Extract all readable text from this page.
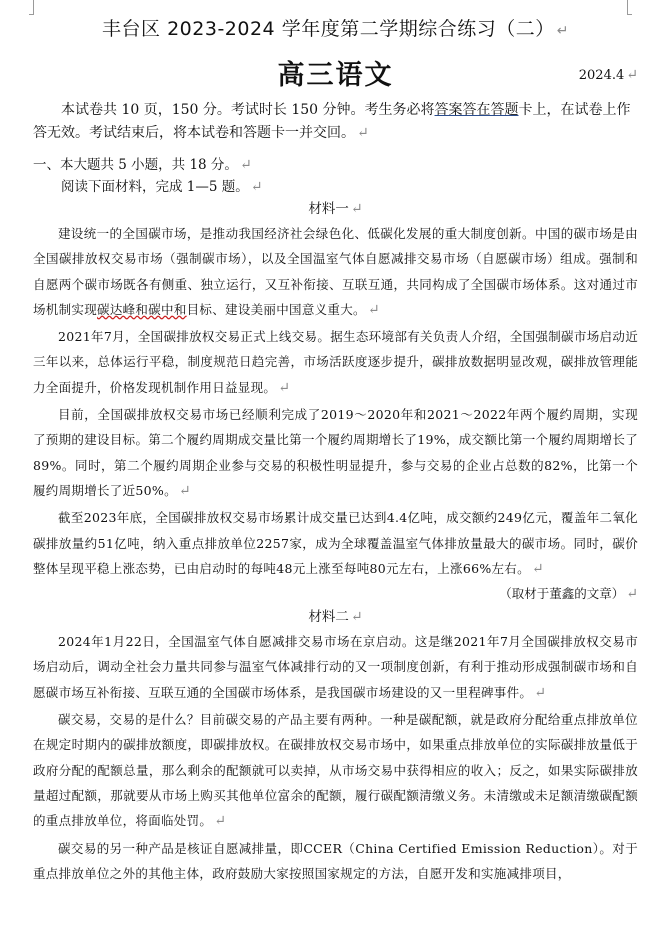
丰台区 2023-2024 学年度第二学期综合练习（二） ↵
高三语文	2024.4 ↵

本试卷共 10 页，150 分。考试时长 150 分钟。考生务必将答案答在答题卡上，在试卷上作答无效。考试结束后，将本试卷和答题卡一并交回。 ↵

一、本大题共 5 小题，共 18 分。 ↵

阅读下面材料，完成 1—5 题。 ↵

材料一 ↵

建设统一的全国碳市场，是推动我国经济社会绿色化、低碳化发展的重大制度创新。中国的碳市场是由全国碳排放权交易市场（强制碳市场），以及全国温室气体自愿减排交易市场（自愿碳市场）组成。强制和自愿两个碳市场既各有侧重、独立运行，又互补衔接、互联互通，共同构成了全国碳市场体系。这对通过市场机制实现碳达峰和碳中和目标、建设美丽中国意义重大。 ↵

2021年7月，全国碳排放权交易正式上线交易。据生态环境部有关负责人介绍，全国强制碳市场启动近三年以来，总体运行平稳，制度规范日趋完善，市场活跃度逐步提升，碳排放数据明显改观，碳排放管理能力全面提升，价格发现机制作用日益显现。 ↵

目前，全国碳排放权交易市场已经顺利完成了2019～2020年和2021～2022年两个履约周期，实现了预期的建设目标。第二个履约周期成交量比第一个履约周期增长了19%，成交额比第一个履约周期增长了89%。同时，第二个履约周期企业参与交易的积极性明显提升，参与交易的企业占总数的82%，比第一个履约周期增长了近50%。 ↵

截至2023年底，全国碳排放权交易市场累计成交量已达到4.4亿吨，成交额约249亿元，覆盖年二氧化碳排放量约51亿吨，纳入重点排放单位2257家，成为全球覆盖温室气体排放量最大的碳市场。同时，碳价整体呈现平稳上涨态势，已由启动时的每吨48元上涨至每吨80元左右，上涨66%左右。 ↵

（取材于董鑫的文章） ↵

材料二 ↵

2024年1月22日，全国温室气体自愿减排交易市场在京启动。这是继2021年7月全国碳排放权交易市场启动后，调动全社会力量共同参与温室气体减排行动的又一项制度创新，有利于推动形成强制碳市场和自愿碳市场互补衔接、互联互通的全国碳市场体系，是我国碳市场建设的又一里程碑事件。 ↵

碳交易，交易的是什么？目前碳交易的产品主要有两种。一种是碳配额，就是政府分配给重点排放单位在规定时期内的碳排放额度，即碳排放权。在碳排放权交易市场中，如果重点排放单位的实际碳排放量低于政府分配的配额总量，那么剩余的配额就可以卖掉，从市场交易中获得相应的收入；反之，如果实际碳排放量超过配额，那就要从市场上购买其他单位富余的配额，履行碳配额清缴义务。未清缴或未足额清缴碳配额的重点排放单位，将面临处罚。 ↵

碳交易的另一种产品是核证自愿减排量，即CCER（China Certified Emission Reduction）。对于重点排放单位之外的其他主体，政府鼓励大家按照国家规定的方法，自愿开发和实施减排项目，
